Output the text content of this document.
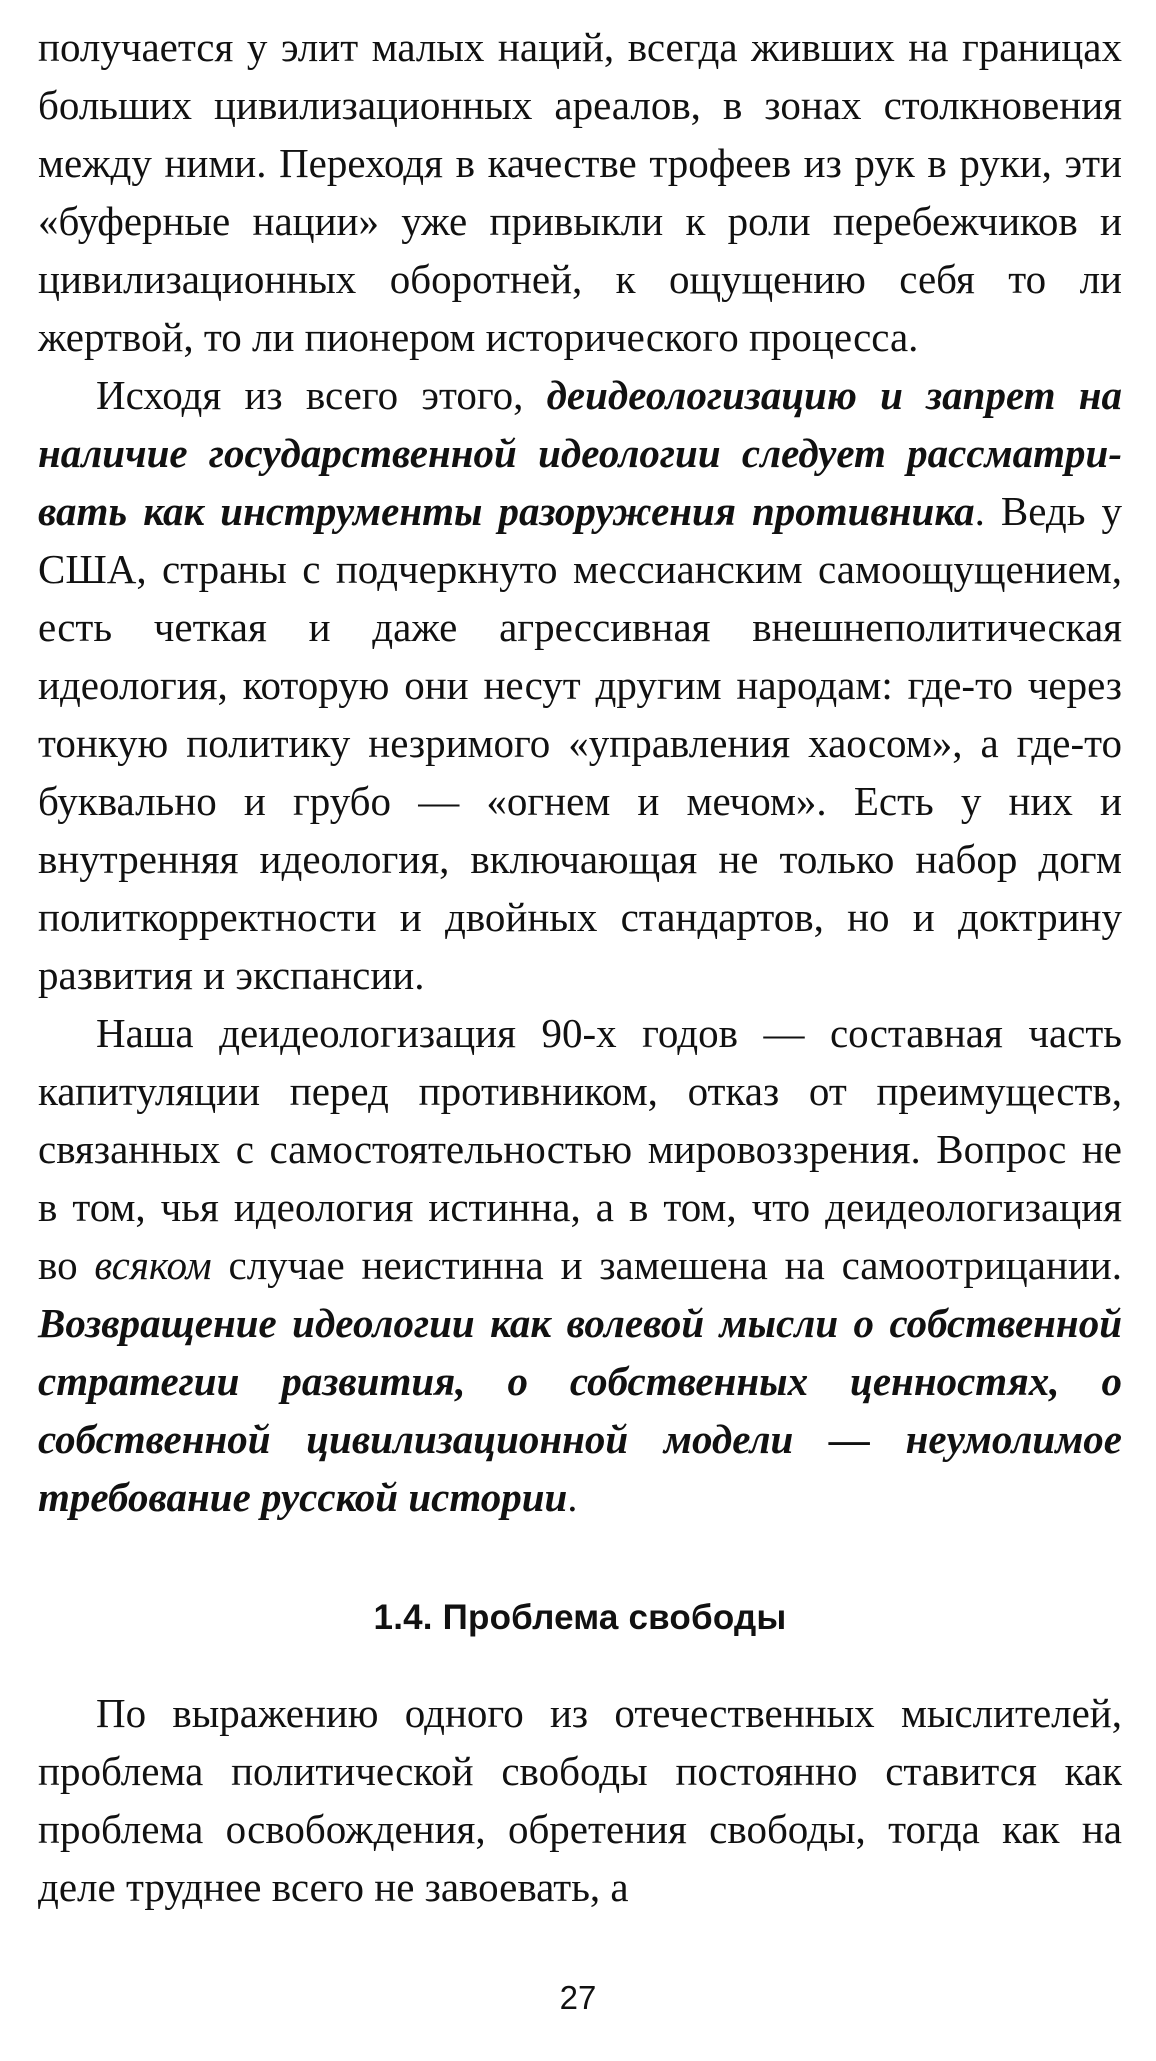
получается у элит малых наций, всегда живших на границах больших цивилизационных ареалов, в зонах столкновения между ними. Переходя в качестве трофеев из рук в руки, эти «буферные нации» уже привыкли к роли перебежчиков и цивилизационных оборотней, к ощущению себя то ли жертвой, то ли пионером исторического процесса.

Исходя из всего этого, деидеологизацию и запрет на наличие государственной идеологии следует рассматривать как инструменты разоружения противника. Ведь у США, страны с подчеркнуто мессианским самоощущением, есть четкая и даже агрессивная внешнеполитическая идеология, которую они несут другим народам: где-то через тонкую политику незримого «управления хаосом», а где-то буквально и грубо — «огнем и мечом». Есть у них и внутренняя идеология, включающая не только набор догм политкорректности и двойных стандартов, но и доктрину развития и экспансии.

Наша деидеологизация 90-х годов — составная часть капитуляции перед противником, отказ от преимуществ, связанных с самостоятельностью мировоззрения. Вопрос не в том, чья идеология истинна, а в том, что деидеологизация во всяком случае неистинна и замешена на самоотрицании. Возвращение идеологии как волевой мысли о собственной стратегии развития, о собственных ценностях, о собственной цивилизационной модели — неумолимое требование русской истории.

1.4. Проблема свободы

По выражению одного из отечественных мыслителей, проблема политической свободы постоянно ставится как проблема освобождения, обретения свободы, тогда как на деле труднее всего не завоевать, а

27
